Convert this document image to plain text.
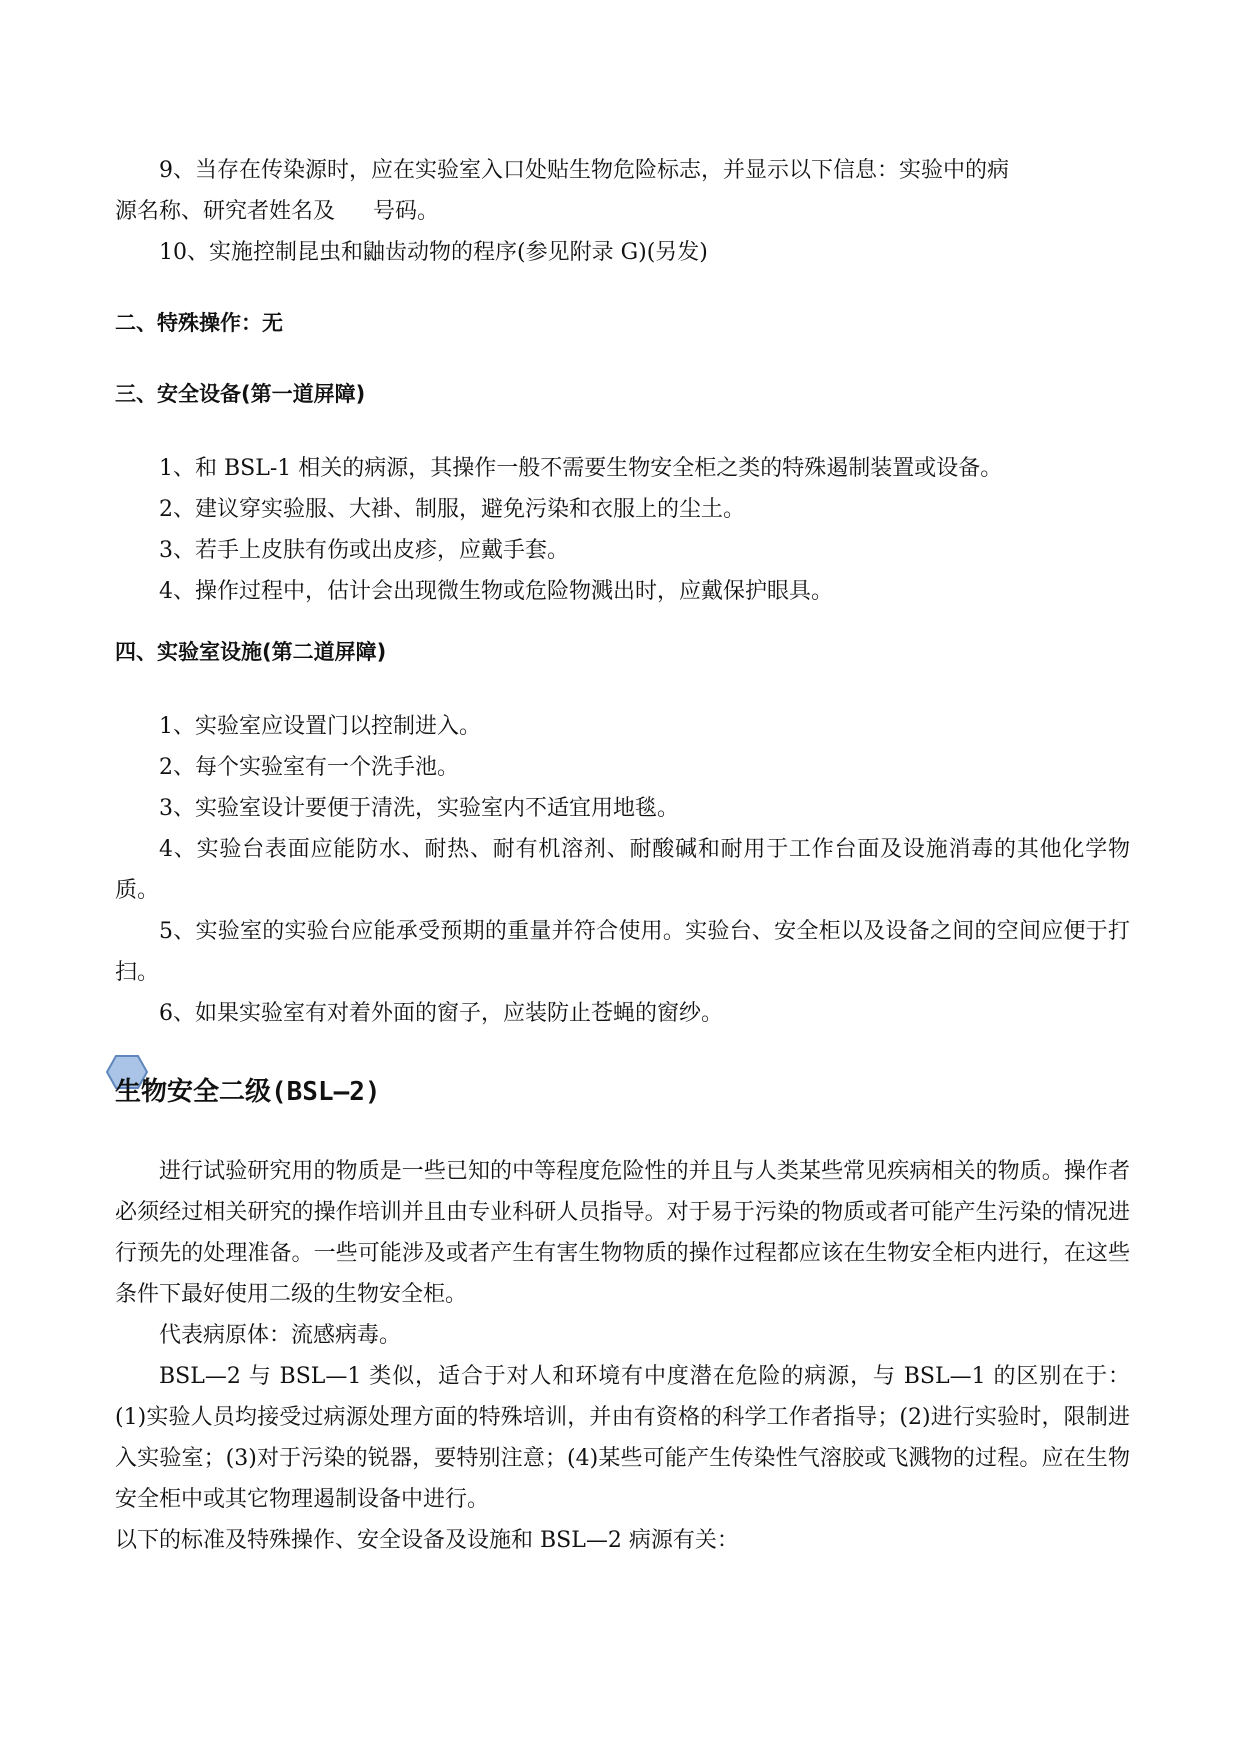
9、当存在传染源时，应在实验室入口处贴生物危险标志，并显示以下信息：实验中的病
源名称、研究者姓名及 号码。

10、实施控制昆虫和鼬齿动物的程序(参见附录 G)(另发)

二、特殊操作：无
三、安全设备(第一道屏障)

1、和 BSL-1 相关的病源，其操作一般不需要生物安全柜之类的特殊遏制装置或设备。

2、建议穿实验服、大褂、制服，避免污染和衣服上的尘土。

3、若手上皮肤有伤或出皮疹，应戴手套。

4、操作过程中，估计会出现微生物或危险物溅出时，应戴保护眼具。

四、实验室设施(第二道屏障)

1、实验室应设置门以控制进入。

2、每个实验室有一个洗手池。

3、实验室设计要便于清洗，实验室内不适宜用地毯。

4、实验台表面应能防水、耐热、耐有机溶剂、耐酸碱和耐用于工作台面及设施消毒的其他化学物质。

5、实验室的实验台应能承受预期的重量并符合使用。实验台、安全柜以及设备之间的空间应便于打扫。

6、如果实验室有对着外面的窗子，应装防止苍蝇的窗纱。

生物安全二级(BSL—2)

进行试验研究用的物质是一些已知的中等程度危险性的并且与人类某些常见疾病相关的物质。操作者必须经过相关研究的操作培训并且由专业科研人员指导。对于易于污染的物质或者可能产生污染的情况进行预先的处理准备。一些可能涉及或者产生有害生物物质的操作过程都应该在生物安全柜内进行，在这些条件下最好使用二级的生物安全柜。

代表病原体：流感病毒。

BSL—2 与 BSL—1 类似，适合于对人和环境有中度潜在危险的病源，与 BSL—1 的区别在于：(1)实验人员均接受过病源处理方面的特殊培训，并由有资格的科学工作者指导；(2)进行实验时，限制进入实验室；(3)对于污染的锐器，要特别注意；(4)某些可能产生传染性气溶胶或飞溅物的过程。应在生物安全柜中或其它物理遏制设备中进行。

以下的标准及特殊操作、安全设备及设施和 BSL—2 病源有关：
